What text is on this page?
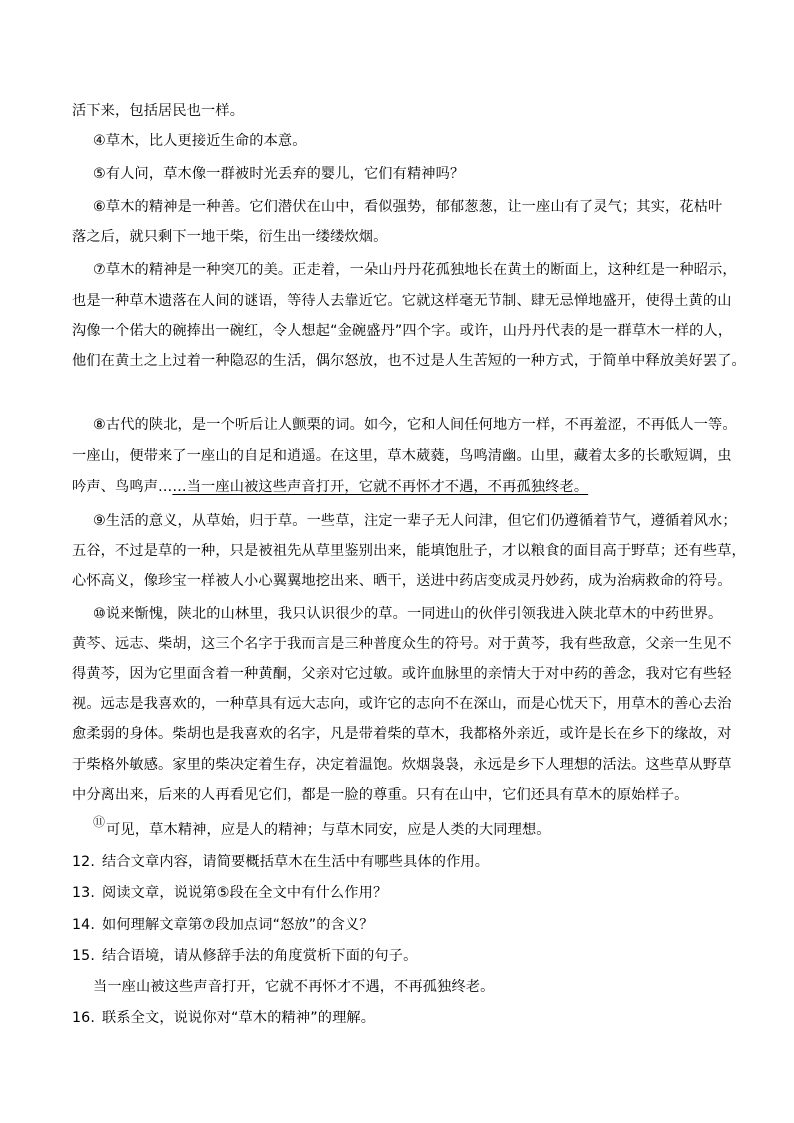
活下来，包括居民也一样。
④草木，比人更接近生命的本意。
⑤有人问，草木像一群被时光丢弃的婴儿，它们有精神吗？
⑥草木的精神是一种善。它们潜伏在山中，看似强势，郁郁葱葱，让一座山有了灵气；其实，花枯叶
落之后，就只剩下一地干柴，衍生出一缕缕炊烟。
⑦草木的精神是一种突兀的美。正走着，一朵山丹丹花孤独地长在黄土的断面上，这种红是一种昭示，
也是一种草木遗落在人间的谜语，等待人去靠近它。它就这样毫无节制、肆无忌惮地盛开，使得土黄的山
沟像一个偌大的碗捧出一碗红，令人想起“金碗盛丹”四个字。或许，山丹丹代表的是一群草木一样的人，
他们在黄土之上过着一种隐忍的生活，偶尔怒放，也不过是人生苦短的一种方式，于简单中释放美好罢了。
⑧古代的陕北，是一个听后让人颤栗的词。如今，它和人间任何地方一样，不再羞涩，不再低人一等。
一座山，便带来了一座山的自足和逍遥。在这里，草木葳蕤，鸟鸣清幽。山里，藏着太多的长歌短调，虫
吟声、鸟鸣声……当一座山被这些声音打开，它就不再怀才不遇，不再孤独终老。
⑨生活的意义，从草始，归于草。一些草，注定一辈子无人问津，但它们仍遵循着节气，遵循着风水；
五谷，不过是草的一种，只是被祖先从草里鉴别出来，能填饱肚子，才以粮食的面目高于野草；还有些草，
心怀高义，像珍宝一样被人小心翼翼地挖出来、晒干，送进中药店变成灵丹妙药，成为治病救命的符号。
⑩说来惭愧，陕北的山林里，我只认识很少的草。一同进山的伙伴引领我进入陕北草木的中药世界。
黄芩、远志、柴胡，这三个名字于我而言是三种普度众生的符号。对于黄芩，我有些敌意，父亲一生见不
得黄芩，因为它里面含着一种黄酮，父亲对它过敏。或许血脉里的亲情大于对中药的善念，我对它有些轻
视。远志是我喜欢的，一种草具有远大志向，或许它的志向不在深山，而是心忧天下，用草木的善心去治
愈柔弱的身体。柴胡也是我喜欢的名字，凡是带着柴的草木，我都格外亲近，或许是长在乡下的缘故，对
于柴格外敏感。家里的柴决定着生存，决定着温饱。炊烟袅袅，永远是乡下人理想的活法。这些草从野草
中分离出来，后来的人再看见它们，都是一脸的尊重。只有在山中，它们还具有草木的原始样子。
⑪可见，草木精神，应是人的精神；与草木同安，应是人类的大同理想。
12. 结合文章内容，请简要概括草木在生活中有哪些具体的作用。
13. 阅读文章，说说第⑤段在全文中有什么作用？
14. 如何理解文章第⑦段加点词“怒放”的含义？
15. 结合语境，请从修辞手法的角度赏析下面的句子。
当一座山被这些声音打开，它就不再怀才不遇，不再孤独终老。
16. 联系全文，说说你对“草木的精神”的理解。
